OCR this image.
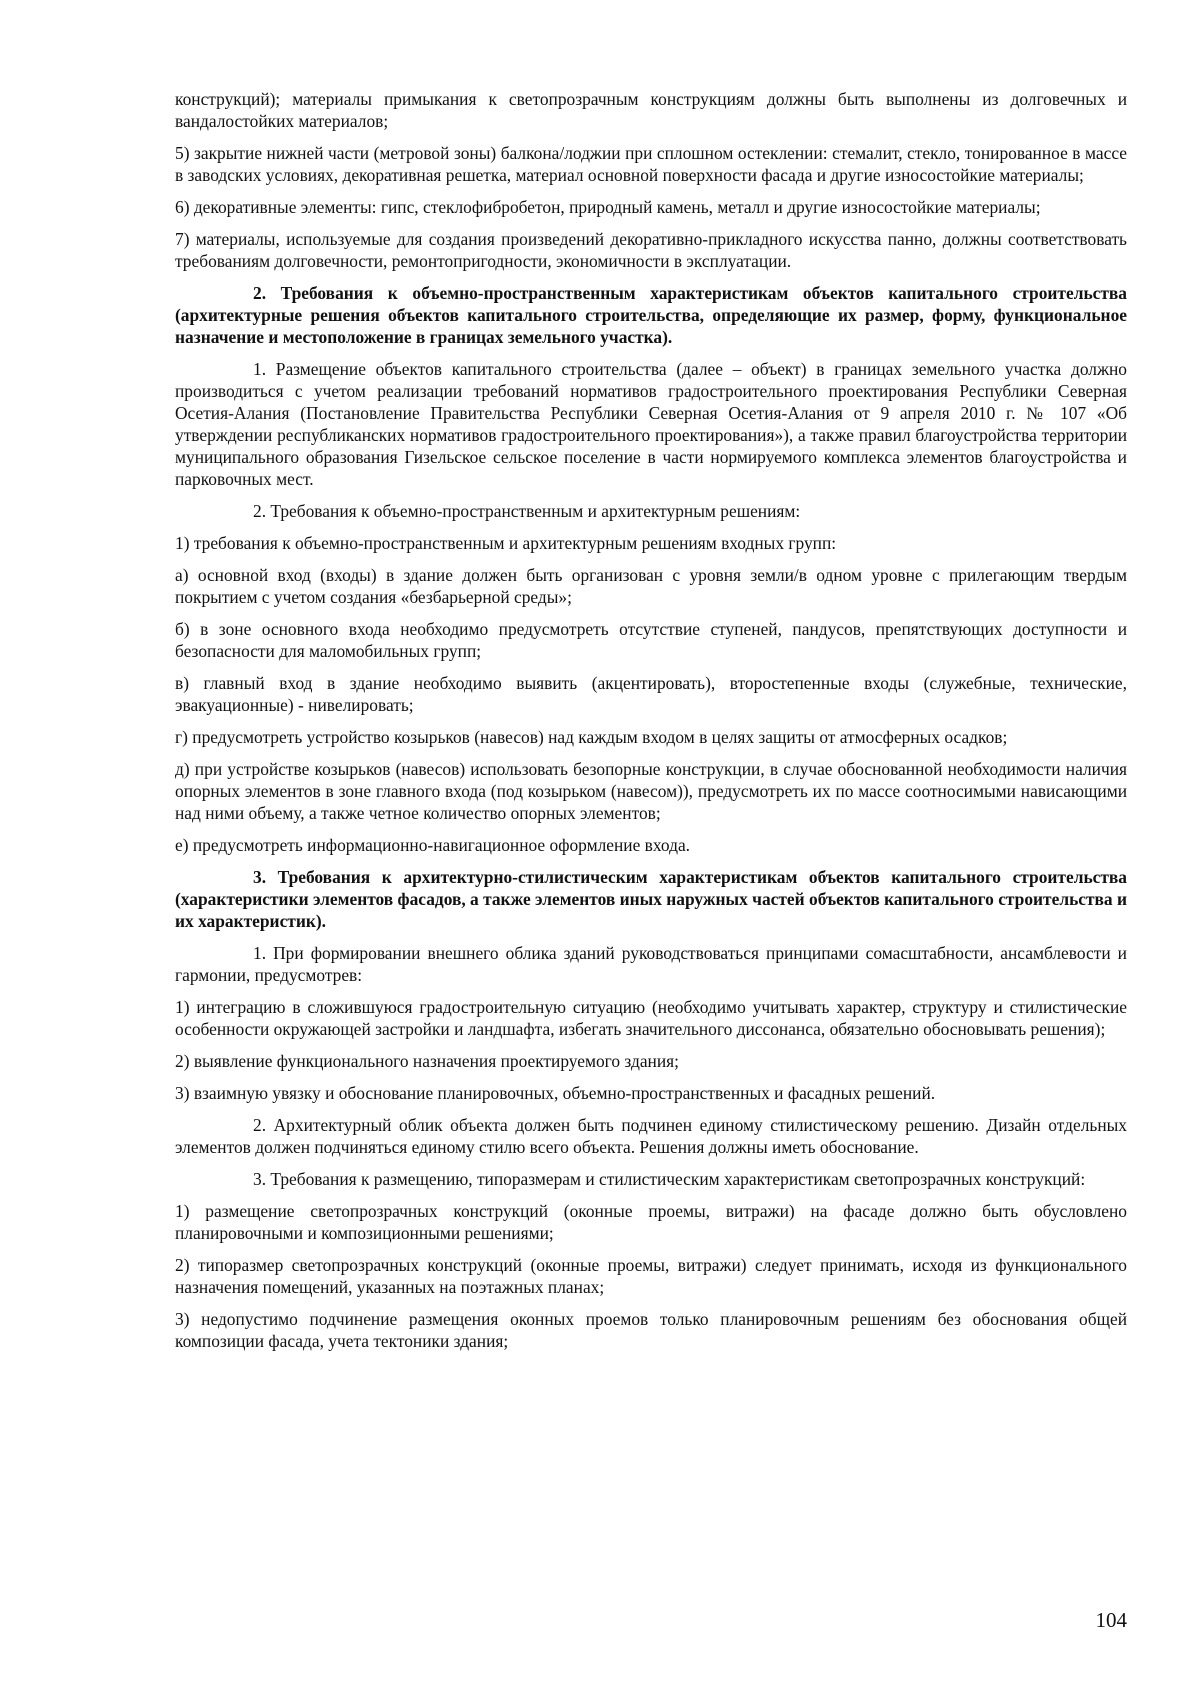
конструкций); материалы примыкания к светопрозрачным конструкциям должны быть выполнены из долговечных и вандалостойких материалов;

5) закрытие нижней части (метровой зоны) балкона/лоджии при сплошном остеклении: стемалит, стекло, тонированное в массе в заводских условиях, декоративная решетка, материал основной поверхности фасада и другие износостойкие материалы;

6) декоративные элементы: гипс, стеклофибробетон, природный камень, металл и другие износостойкие материалы;

7) материалы, используемые для создания произведений декоративно-прикладного искусства панно, должны соответствовать требованиям долговечности, ремонтопригодности, экономичности в эксплуатации.

2. Требования к объемно-пространственным характеристикам объектов капитального строительства (архитектурные решения объектов капитального строительства, определяющие их размер, форму, функциональное назначение и местоположение в границах земельного участка).

1. Размещение объектов капитального строительства (далее – объект) в границах земельного участка должно производиться с учетом реализации требований нормативов градостроительного проектирования Республики Северная Осетия-Алания (Постановление Правительства Республики Северная Осетия-Алания от 9 апреля 2010 г. № 107 «Об утверждении республиканских нормативов градостроительного проектирования»), а также правил благоустройства территории муниципального образования Гизельское сельское поселение в части нормируемого комплекса элементов благоустройства и парковочных мест.

2. Требования к объемно-пространственным и архитектурным решениям:

1) требования к объемно-пространственным и архитектурным решениям входных групп:

а) основной вход (входы) в здание должен быть организован с уровня земли/в одном уровне с прилегающим твердым покрытием с учетом создания «безбарьерной среды»;

б) в зоне основного входа необходимо предусмотреть отсутствие ступеней, пандусов, препятствующих доступности и безопасности для маломобильных групп;

в) главный вход в здание необходимо выявить (акцентировать), второстепенные входы (служебные, технические, эвакуационные) - нивелировать;

г) предусмотреть устройство козырьков (навесов) над каждым входом в целях защиты от атмосферных осадков;

д) при устройстве козырьков (навесов) использовать безопорные конструкции, в случае обоснованной необходимости наличия опорных элементов в зоне главного входа (под козырьком (навесом)), предусмотреть их по массе соотносимыми нависающими над ними объему, а также четное количество опорных элементов;

е) предусмотреть информационно-навигационное оформление входа.

3. Требования к архитектурно-стилистическим характеристикам объектов капитального строительства (характеристики элементов фасадов, а также элементов иных наружных частей объектов капитального строительства и их характеристик).

1. При формировании внешнего облика зданий руководствоваться принципами сомасштабности, ансамблевости и гармонии, предусмотрев:

1) интеграцию в сложившуюся градостроительную ситуацию (необходимо учитывать характер, структуру и стилистические особенности окружающей застройки и ландшафта, избегать значительного диссонанса, обязательно обосновывать решения);

2) выявление функционального назначения проектируемого здания;

3) взаимную увязку и обоснование планировочных, объемно-пространственных и фасадных решений.

2. Архитектурный облик объекта должен быть подчинен единому стилистическому решению. Дизайн отдельных элементов должен подчиняться единому стилю всего объекта. Решения должны иметь обоснование.

3. Требования к размещению, типоразмерам и стилистическим характеристикам светопрозрачных конструкций:

1) размещение светопрозрачных конструкций (оконные проемы, витражи) на фасаде должно быть обусловлено планировочными и композиционными решениями;

2) типоразмер светопрозрачных конструкций (оконные проемы, витражи) следует принимать, исходя из функционального назначения помещений, указанных на поэтажных планах;

3) недопустимо подчинение размещения оконных проемов только планировочным решениям без обоснования общей композиции фасада, учета тектоники здания;

104
